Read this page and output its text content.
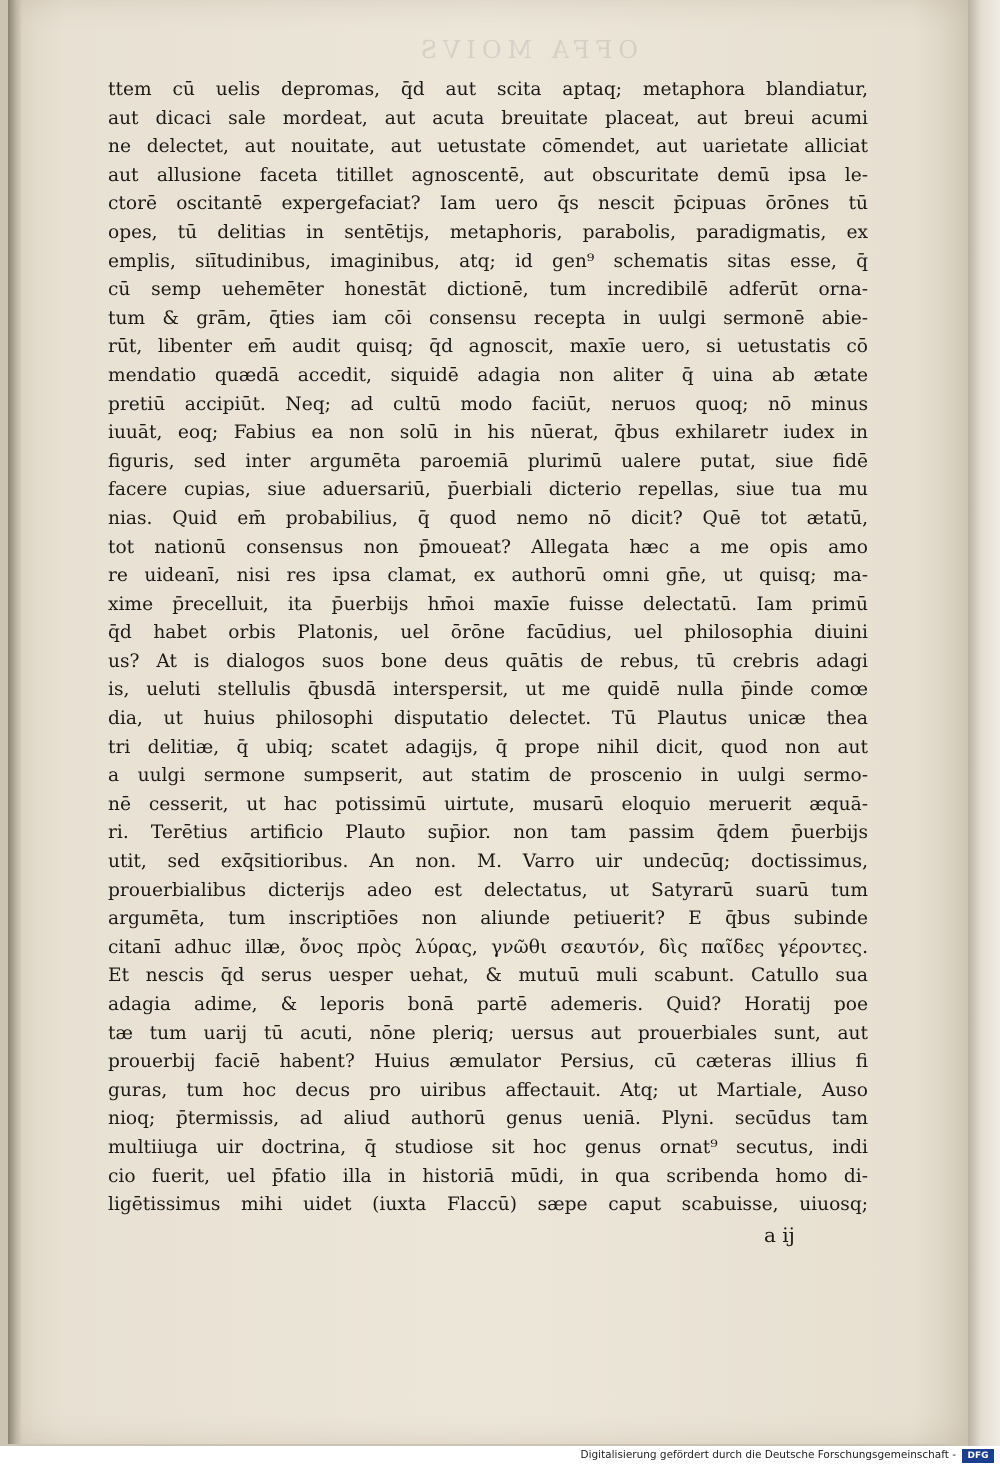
OFFA MOIVS
ttem cū uelis depromas, q̄d aut scita aptaq; metaphora blandiatur,
aut dicaci sale mordeat, aut acuta breuitate placeat, aut breui acumi
ne delectet, aut nouitate, aut uetustate cōmendet, aut uarietate alliciat
aut allusione faceta titillet agnoscentē, aut obscuritate demū ipsa le-
ctorē oscitantē expergefaciat? Iam uero q̄s nescit p̄cipuas ōrōnes tū
opes, tū delitias in sentētijs, metaphoris, parabolis, paradigmatis, ex
emplis, siītudinibus, imaginibus, atq; id gen⁹ schematis sitas esse, q̄
cū semp uehemēter honestāt dictionē, tum incredibilē adferūt orna-
tum & grām, q̄ties iam cōi consensu recepta in uulgi sermonē abie-
rūt, libenter em̄ audit quisq; q̄d agnoscit, maxīe uero, si uetustatis cō
mendatio quædā accedit, siquidē adagia non aliter q̄ uina ab ætate
pretiū accipiūt. Neq; ad cultū modo faciūt, neruos quoq; nō minus
iuuāt, eoq; Fabius ea non solū in his nūerat, q̄bus exhilaretr iudex in
figuris, sed inter argumēta paroemiā plurimū ualere putat, siue fidē
facere cupias, siue aduersariū, p̄uerbiali dicterio repellas, siue tua mu
nias. Quid em̄ probabilius, q̄ quod nemo nō dicit? Quē tot ætatū,
tot nationū consensus non p̄moueat? Allegata hæc a me opis amo
re uideanī, nisi res ipsa clamat, ex authorū omni gn̄e, ut quisq; ma-
xime p̄recelluit, ita p̄uerbijs hm̄oi maxīe fuisse delectatū. Iam primū
q̄d habet orbis Platonis, uel ōrōne facūdius, uel philosophia diuini
us? At is dialogos suos bone deus quātis de rebus, tū crebris adagi
is, ueluti stellulis q̄busdā interspersit, ut me quidē nulla p̄inde comœ
dia, ut huius philosophi disputatio delectet. Tū Plautus unicæ thea
tri delitiæ, q̄ ubiq; scatet adagijs, q̄ prope nihil dicit, quod non aut
a uulgi sermone sumpserit, aut statim de proscenio in uulgi sermo-
nē cesserit, ut hac potissimū uirtute, musarū eloquio meruerit æquā-
ri. Terētius artificio Plauto sup̄ior. non tam passim q̄dem p̄uerbijs
utit, sed exq̄sitioribus. An non. M. Varro uir undecūq; doctissimus,
prouerbialibus dicterijs adeo est delectatus, ut Satyrarū suarū tum
argumēta, tum inscriptiōes non aliunde petiuerit? E q̄bus subinde
citanī adhuc illæ, ὄνος πρὸς λύρας, γνῶθι σεαυτόν, δὶς παῖδες γέροντες.
Et nescis q̄d serus uesper uehat, & mutuū muli scabunt. Catullo sua
adagia adime, & leporis bonā partē ademeris. Quid? Horatij poe
tæ tum uarij tū acuti, nōne pleriq; uersus aut prouerbiales sunt, aut
prouerbij faciē habent? Huius æmulator Persius, cū cæteras illius fi
guras, tum hoc decus pro uiribus affectauit. Atq; ut Martiale, Auso
nioq; p̄termissis, ad aliud authorū genus ueniā. Plyni. secūdus tam
multiiuga uir doctrina, q̄ studiose sit hoc genus ornat⁹ secutus, indi
cio fuerit, uel p̄fatio illa in historiā mūdi, in qua scribenda homo di-
ligētissimus mihi uidet (iuxta Flaccū) sæpe caput scabuisse, uiuosq;
a ij
Digitalisierung gefördert durch die Deutsche Forschungsgemeinschaft -	DFG
